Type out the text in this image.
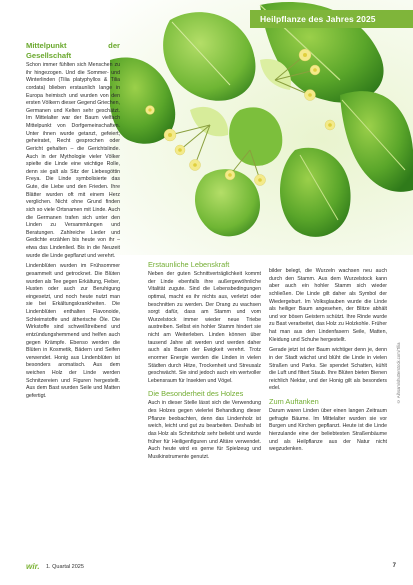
Heilpflanze des Jahres 2025
© Aihsam/shutterstock.com/Tilia
Mittelpunkt der Gesellschaft

Schon immer fühlten sich Menschen zu ihr hingezogen. Und die Sommer- und Winterlinden (Tilia platyphyllos & Tilia cordata) blieben erstaunlich lange in Europa heimisch und wurden von den ersten Völkern dieser Gegend Griechen, Germanen und Kelten sehr geschätzt. Im Mittelalter war der Baum vielfach Mittelpunkt von Dorfgemeinschaften. Unter ihnen wurde getanzt, gefeiert, geheiratet, Recht gesprochen oder Gericht gehalten – die Gerichtslinde. Auch in der Mythologie vieler Völker spielte die Linde eine wichtige Rolle, denn sie galt als Sitz der Liebesgöttin Freya. Die Linde symbolisierte das Gute, die Liebe und den Frieden. Ihre Blätter wurden oft mit einem Herz verglichen. Nicht ohne Grund finden sich so viele Ortsnamen mit Linde. Auch die Germanen trafen sich unter den Linden zu Versammlungen und Beratungen. Zahlreiche Lieder und Gedichte erzählen bis heute von ihr – etwa das Lindenlied. Bis in die Neuzeit wurde die Linde gepflanzt und verehrt.

Lindenblüten wurden im Frühsommer gesammelt und getrocknet. Die Blüten wurden als Tee gegen Erkältung, Fieber, Husten oder auch zur Beruhigung eingesetzt, und noch heute nutzt man sie bei Erkältungskrankheiten. Die Lindenblüten enthalten Flavonoide, Schleimstoffe und ätherische Öle. Die Wirkstoffe sind schweißtreibend und entzündungshemmend und helfen auch gegen Krämpfe. Ebenso werden die Blüten in Kosmetik, Bädern und Seifen verwendet. Honig aus Lindenblüten ist besonders aromatisch. Aus dem weichen Holz der Linde werden Schnitzereien und Figuren hergestellt. Aus dem Bast wurden Seile und Matten gefertigt.

Erstaunliche Lebenskraft

Neben der guten Schnittverträglichkeit kommt der Linde ebenfalls ihre außergewöhnliche Vitalität zugute. Sind die Lebensbedingungen optimal, macht es ihr nichts aus, verletzt oder beschnitten zu werden. Der Drang zu wachsen sorgt dafür, dass am Stamm und vom Wurzelstock immer wieder neue Triebe austreiben. Selbst ein hohler Stamm hindert sie nicht am Weiterleben. Linden können über tausend Jahre alt werden und werden daher auch als Baum der Ewigkeit verehrt. Trotz enormer Energie werden die Linden in vielen Städten durch Hitze, Trockenheit und Streusalz geschwächt. Sie sind jedoch auch ein wertvoller Lebensraum für Insekten und Vögel.

Die Besonderheit des Holzes

Auch in dieser Stelle lässt sich die Verwendung des Holzes gegen vielerlei Behandlung dieser Pflanze beobachten, denn das Lindenholz ist weich, leicht und gut zu bearbeiten. Deshalb ist das Holz als Schnitzholz sehr beliebt und wurde früher für Heiligenfiguren und Altäre verwendet. Auch heute wird es gerne für Spielzeug und Musikinstrumente genutzt.

bilder belegt, die Wurzeln wachsen neu auch durch den Stamm. Aus dem Wurzelstock kann aber auch ein hohler Stamm sich wieder schließen. Die Linde gilt daher als Symbol der Wiedergeburt. Im Volksglauben wurde die Linde als heiliger Baum angesehen, der Blitze abhält und vor bösen Geistern schützt. Ihre Rinde wurde zu Bast verarbeitet, das Holz zu Holzkohle. Früher hat man aus den Lindenfasern Seile, Matten, Kleidung und Schuhe hergestellt.

Gerade jetzt ist der Baum wichtiger denn je, denn in der Stadt wächst und blüht die Linde in vielen Straßen und Parks. Sie spendet Schatten, kühlt die Luft und filtert Staub. Ihre Blüten bieten Bienen reichlich Nektar, und der Honig gilt als besonders edel.

Zum Auftanken

Darum waren Linden über einen langen Zeitraum gefragte Bäume. Im Mittelalter wurden sie vor Burgen und Kirchen gepflanzt. Heute ist die Linde hierzulande eine der beliebtesten Straßenbäume und als Heilpflanze aus der Natur nicht wegzudenken.

wir. 1. Quartal 2025	7
